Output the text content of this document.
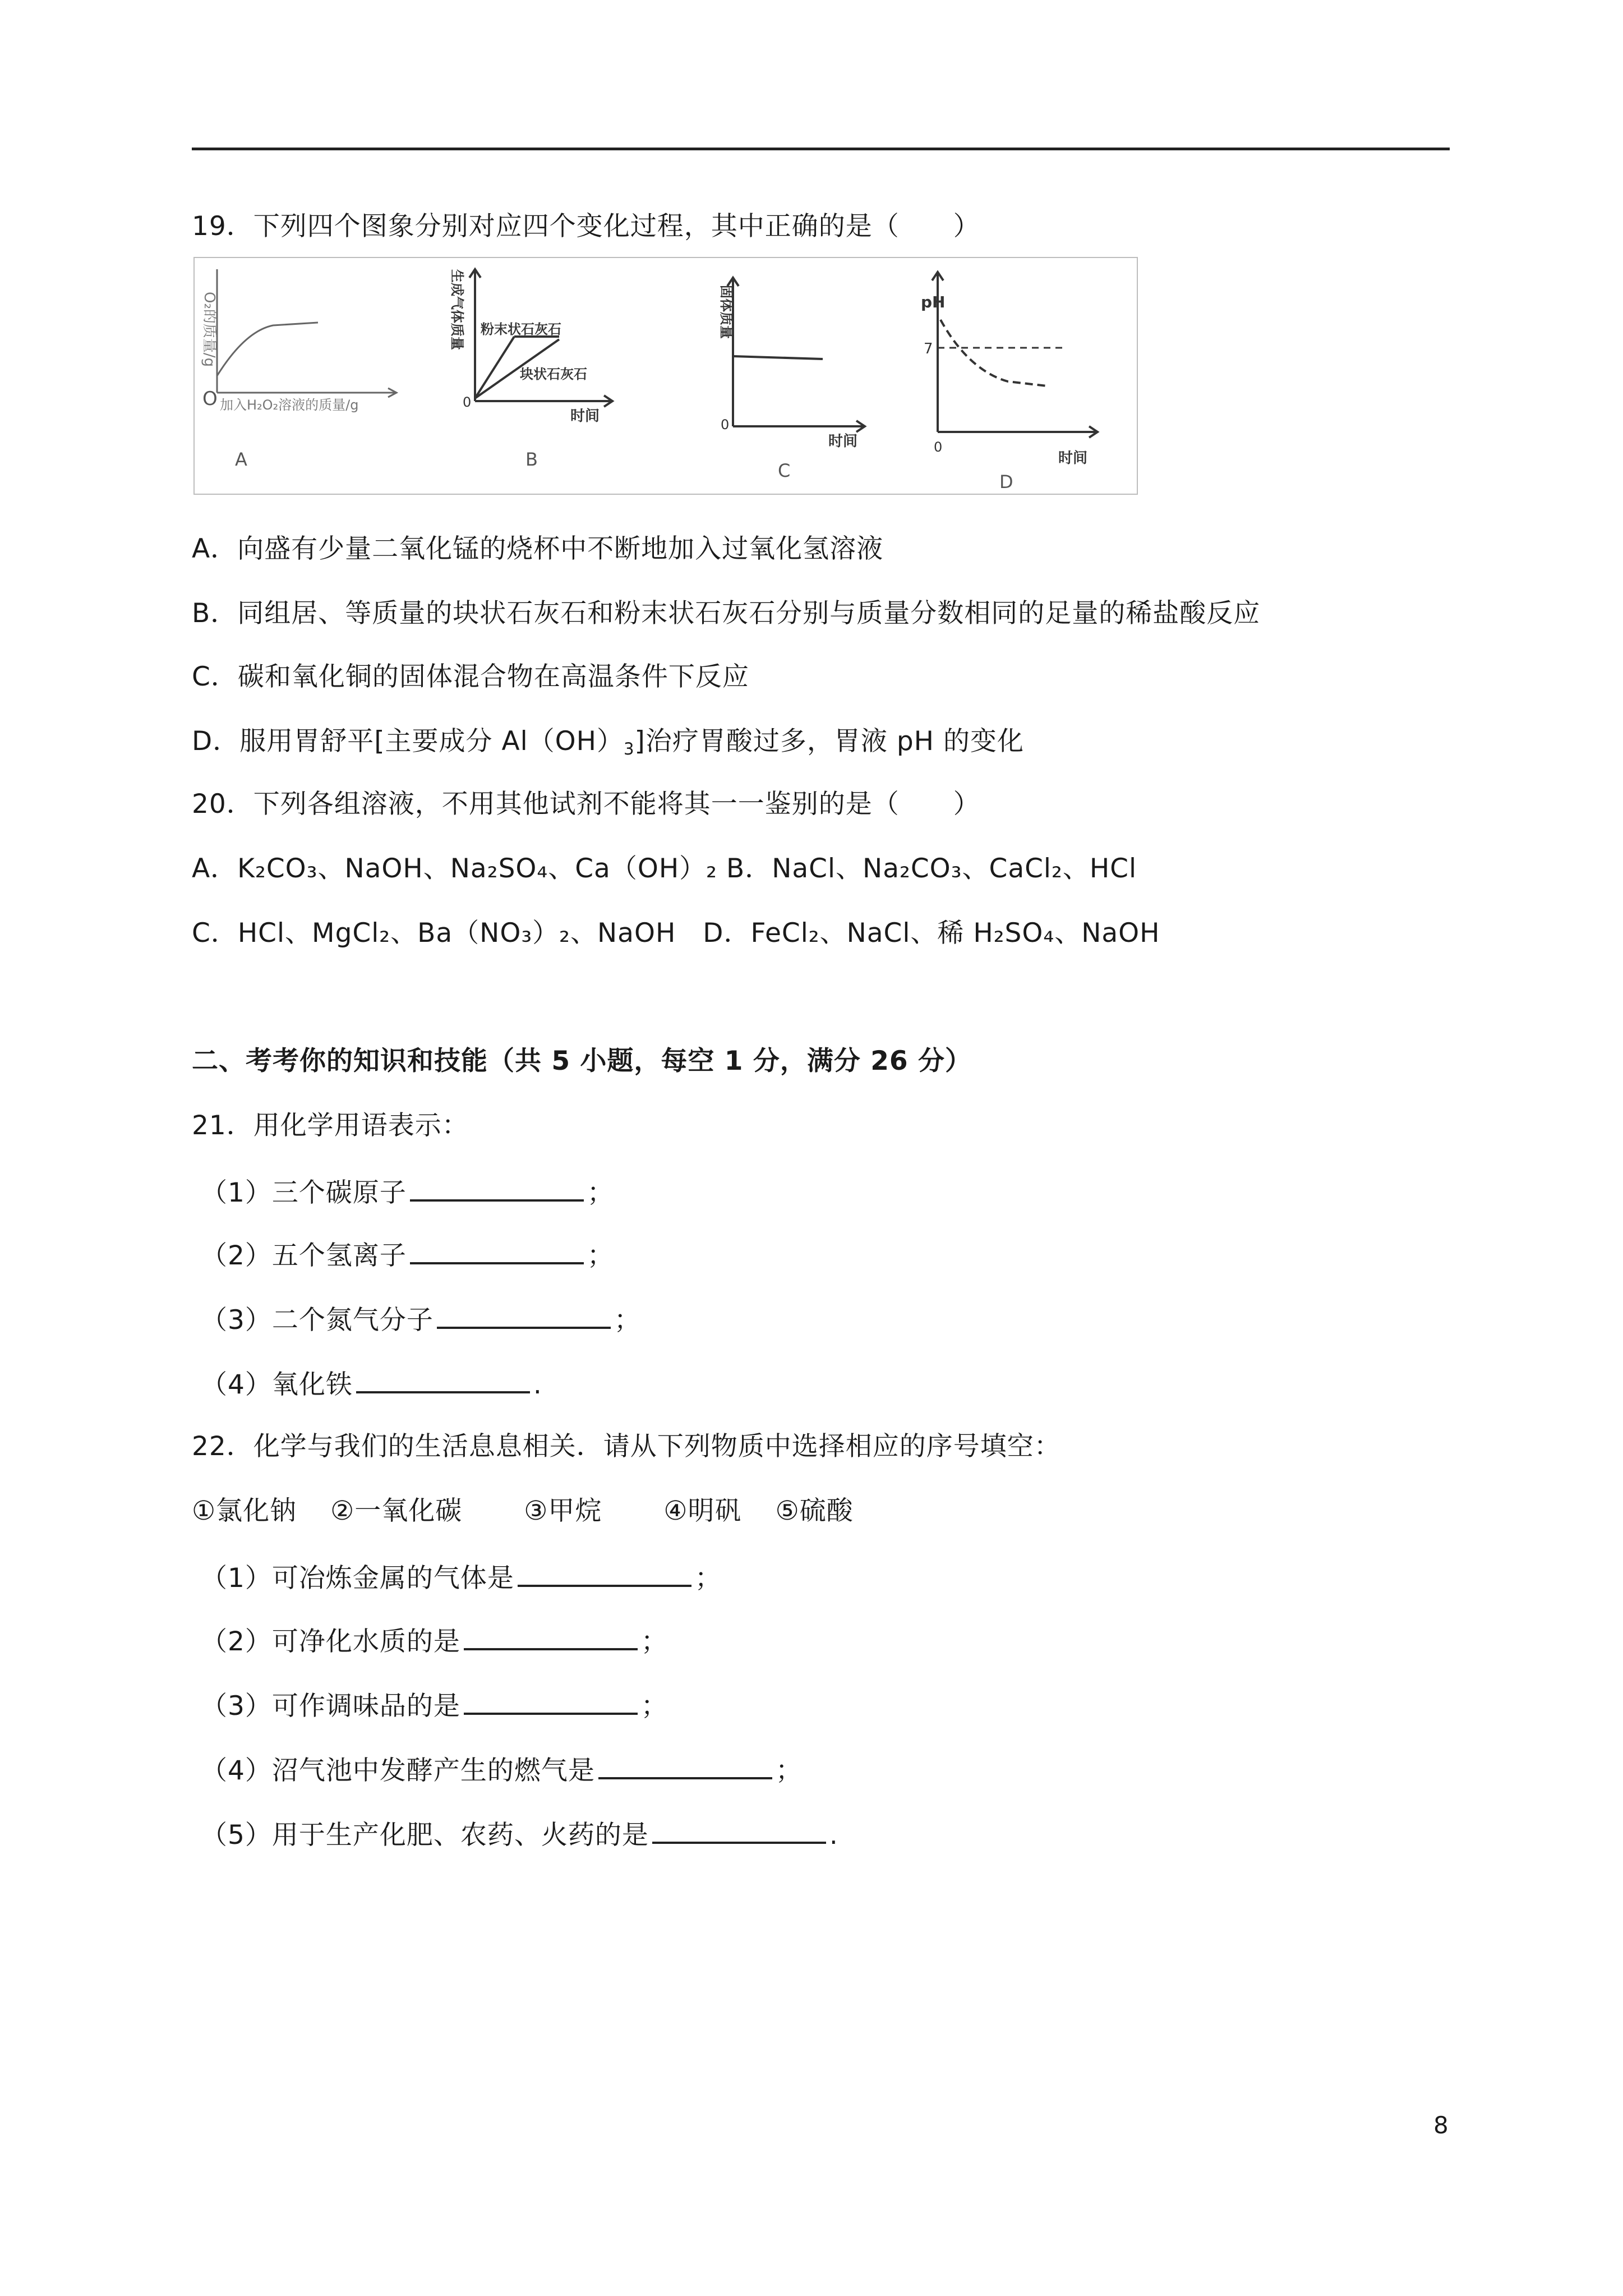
19．下列四个图象分别对应四个变化过程，其中正确的是（　　）
O₂的质量/g
O 加入H₂O₂溶液的质量/g
A
生成气体质量 粉末状石灰石
块状石灰石
0
时间
B
固体质量
0
时间
C
pH
7
0
时间
D
A．向盛有少量二氧化锰的烧杯中不断地加入过氧化氢溶液
B．同组居、等质量的块状石灰石和粉末状石灰石分别与质量分数相同的足量的稀盐酸反应
C．碳和氧化铜的固体混合物在高温条件下反应
D．服用胃舒平[主要成分 $Al(OH)_3$]治疗胃酸过多，胃液 pH 的变化
20．下列各组溶液，不用其他试剂不能将其一一鉴别的是（　　）
A．K₂CO₃、NaOH、Na₂SO₄、Ca（OH）₂ B．NaCl、Na₂CO₃、CaCl₂、HCl
C．HCl、MgCl₂、Ba（NO₃）₂、NaOH　D．FeCl₂、NaCl、稀 H₂SO₄、NaOH
二、考考你的知识和技能（共 5 小题，每空 1 分，满分 26 分）
21．用化学用语表示：
（1）三个碳原子	；
（2）五个氢离子	；
（3）二个氮气分子	；
（4）氧化铁	.
22．化学与我们的生活息息相关．请从下列物质中选择相应的序号填空：
①氯化钠 ②一氧化碳 ③甲烷 ④明矾 ⑤硫酸
（1）可冶炼金属的气体是	；
（2）可净化水质的是	；
（3）可作调味品的是	；
（4）沼气池中发酵产生的燃气是	；
（5）用于生产化肥、农药、火药的是	.
8
